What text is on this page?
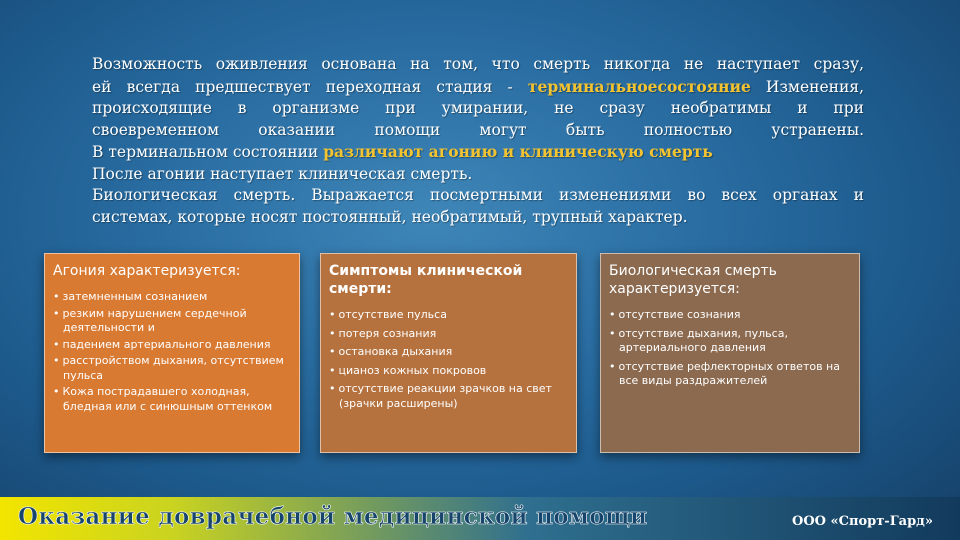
Возможность оживления основана на том, что смерть никогда не наступает сразу,

ей всегда предшествует переходная стадия - терминальноесостояние Изменения,

происходящие в организме при умирании, не сразу необратимы и при

своевременном оказании помощи могут быть полностью устранены.

В терминальном состоянии различают агонию и клиническую смерть

После агонии наступает клиническая смерть.

Биологическая смерть. Выражается посмертными изменениями во всех органах и

системах, которые носят постоянный, необратимый, трупный характер.

Агония характеризуется:
• затемненным сознанием
• резким нарушением сердечной деятельности и
• падением артериального давления
• расстройством дыхания, отсутствием пульса
• Кожа пострадавшего холодная, бледная или с синюшным оттенком
Симптомы клинической смерти:
• отсутствие пульса
• потеря сознания
• остановка дыхания
• цианоз кожных покровов
• отсутствие реакции зрачков на свет (зрачки расширены)
Биологическая смерть характеризуется:
• отсутствие сознания
• отсутствие дыхания, пульса, артериального давления
• отсутствие рефлекторных ответов на все виды раздражителей
Оказание доврачебной медицинской помощи	ООО «Спорт-Гард»
